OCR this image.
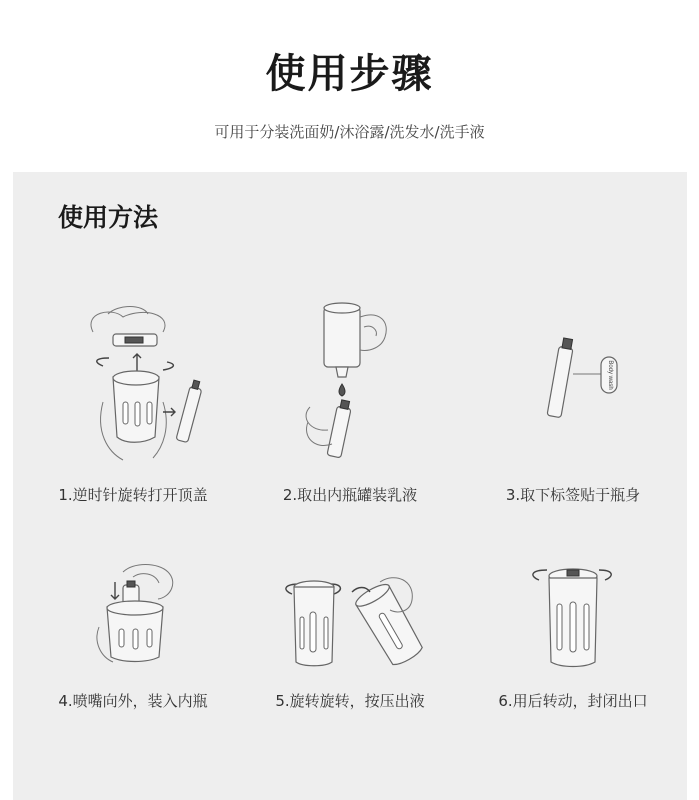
使用步骤
可用于分装洗面奶/沐浴露/洗发水/洗手液
使用方法
1.逆时针旋转打开顶盖	2.取出内瓶罐装乳液
Body wash
3.取下标签贴于瓶身
4.喷嘴向外，装入内瓶	5.旋转旋转，按压出液	6.用后转动，封闭出口
